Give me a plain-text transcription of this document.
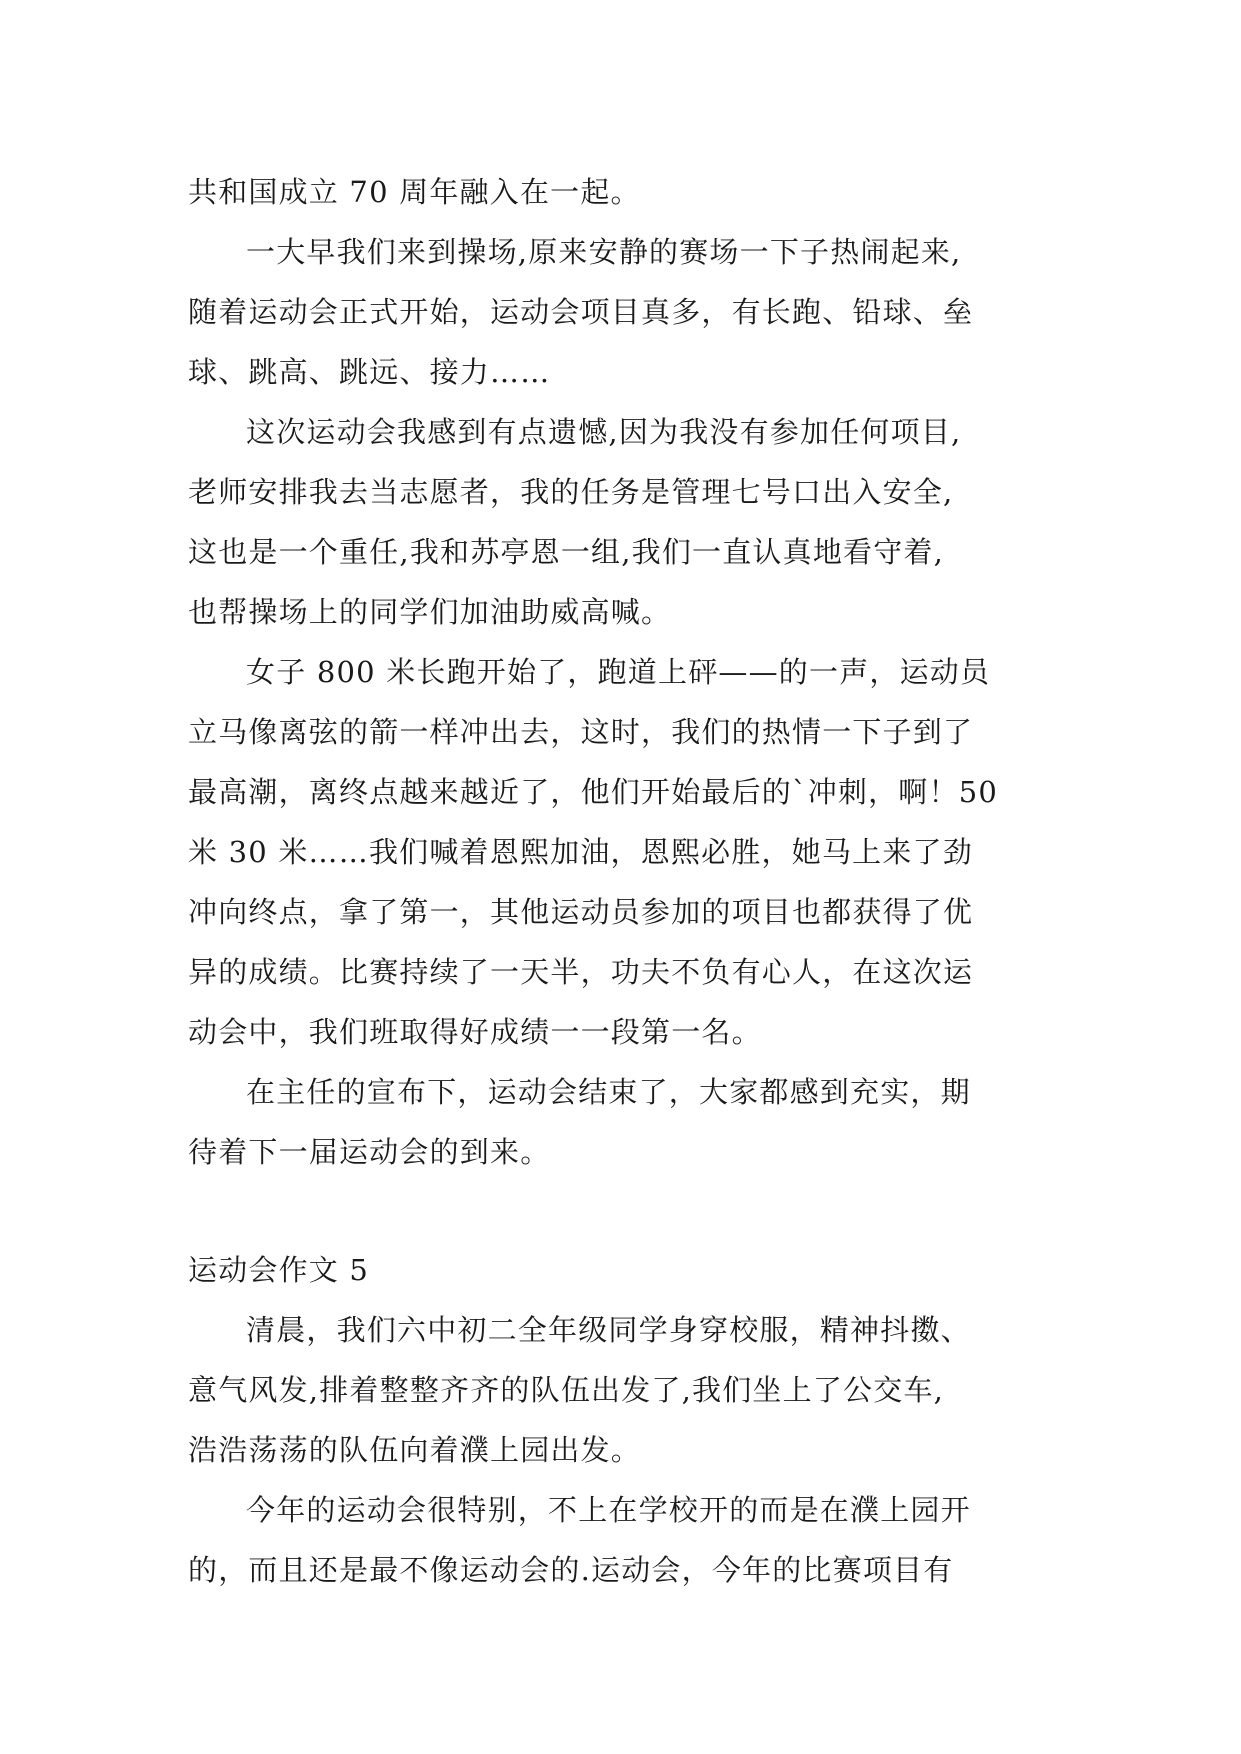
共和国成立 70 周年融入在一起。
一大早我们来到操场,原来安静的赛场一下子热闹起来,
随着运动会正式开始，运动会项目真多，有长跑、铅球、垒
球、跳高、跳远、接力……
这次运动会我感到有点遗憾,因为我没有参加任何项目,
老师安排我去当志愿者，我的任务是管理七号口出入安全,
这也是一个重任,我和苏亭恩一组,我们一直认真地看守着,
也帮操场上的同学们加油助威高喊。
女子 800 米长跑开始了，跑道上砰——的一声，运动员
立马像离弦的箭一样冲出去，这时，我们的热情一下子到了
最高潮，离终点越来越近了，他们开始最后的`冲刺，啊！50
米 30 米……我们喊着恩熙加油，恩熙必胜，她马上来了劲
冲向终点，拿了第一，其他运动员参加的项目也都获得了优
异的成绩。比赛持续了一天半，功夫不负有心人，在这次运
动会中，我们班取得好成绩一一段第一名。
在主任的宣布下，运动会结束了，大家都感到充实，期
待着下一届运动会的到来。
运动会作文 5
清晨，我们六中初二全年级同学身穿校服，精神抖擞、
意气风发,排着整整齐齐的队伍出发了,我们坐上了公交车,
浩浩荡荡的队伍向着濮上园出发。
今年的运动会很特别，不上在学校开的而是在濮上园开
的，而且还是最不像运动会的.运动会，今年的比赛项目有
